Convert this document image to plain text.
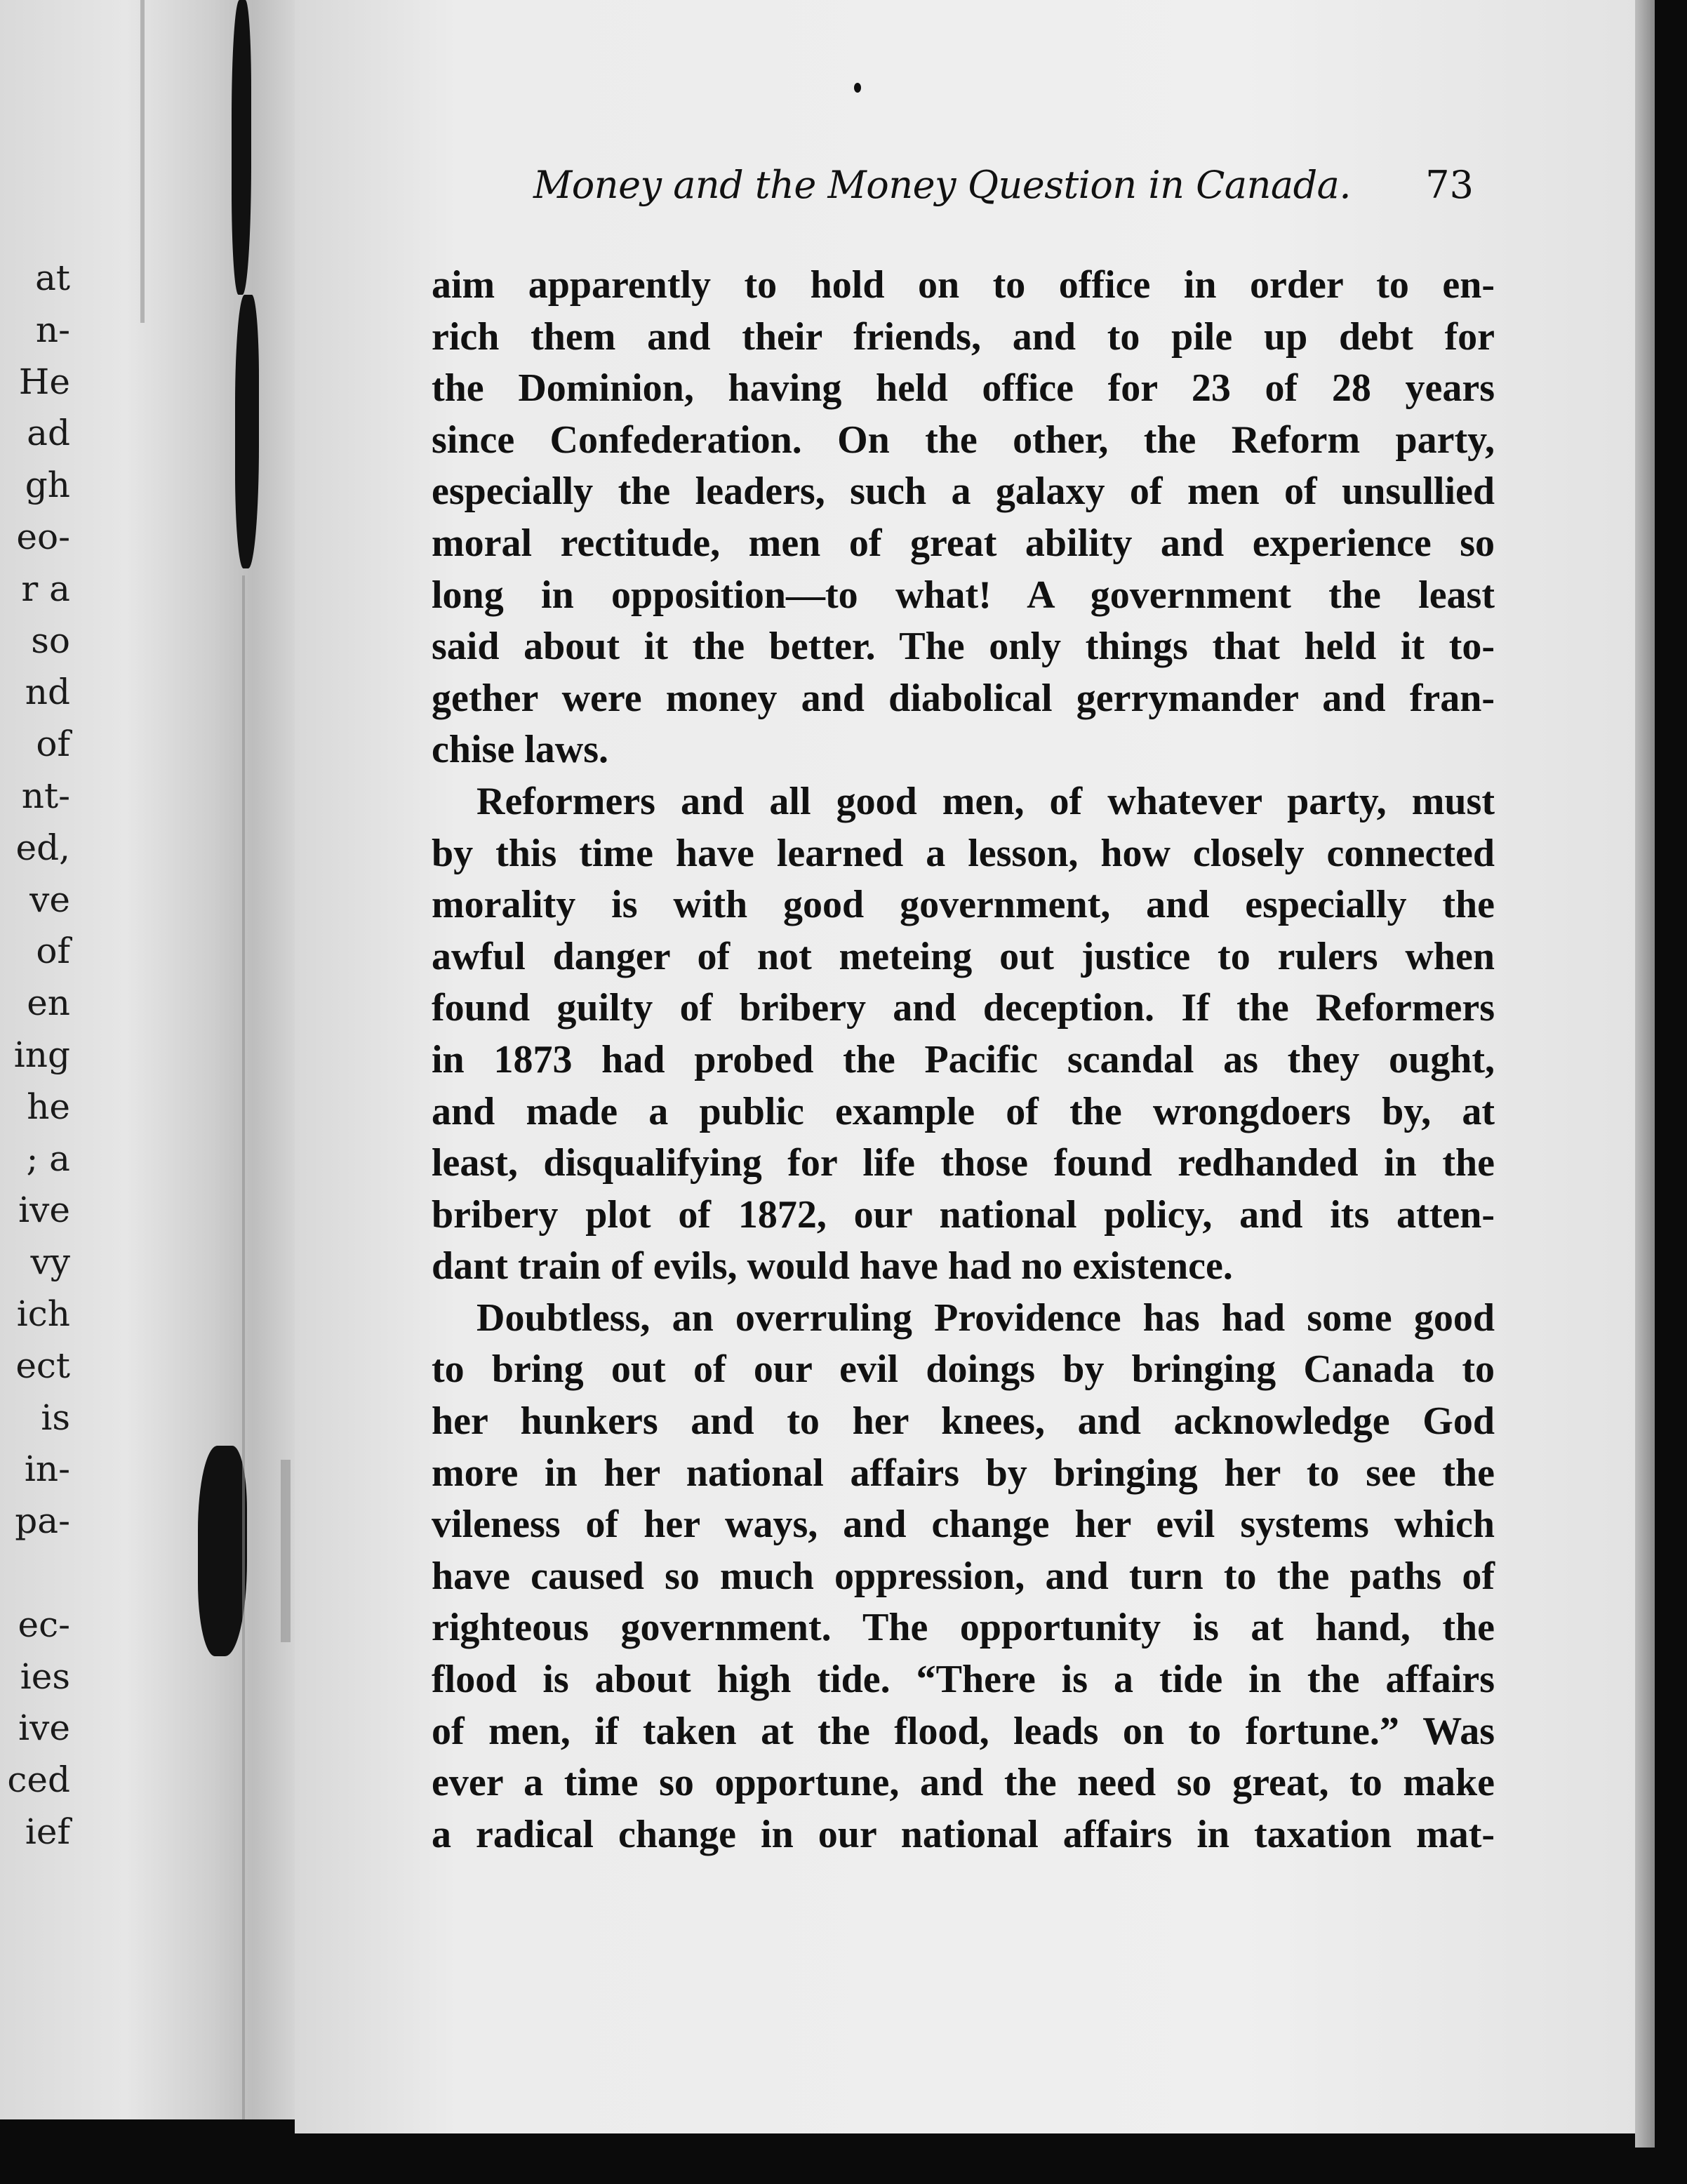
at
n-
He
ad
gh
eo-
r a
so
nd
of
nt-
ed,
ve
of
en
ing
he
; a
ive
vy
ich
ect
is
in-
pa-
ec-
ies
ive
ced
ief
Money and the Money Question in Canada. 73
aim apparently to hold on to office in order to en-
rich them and their friends, and to pile up debt for
the Dominion, having held office for 23 of 28 years
since Confederation. On the other, the Reform party,
especially the leaders, such a galaxy of men of unsullied
moral rectitude, men of great ability and experience so
long in opposition—to what! A government the least
said about it the better. The only things that held it to-
gether were money and diabolical gerrymander and fran-
chise laws.
Reformers and all good men, of whatever party, must
by this time have learned a lesson, how closely connected
morality is with good government, and especially the
awful danger of not meteing out justice to rulers when
found guilty of bribery and deception. If the Reformers
in 1873 had probed the Pacific scandal as they ought,
and made a public example of the wrongdoers by, at
least, disqualifying for life those found redhanded in the
bribery plot of 1872, our national policy, and its atten-
dant train of evils, would have had no existence.
Doubtless, an overruling Providence has had some good
to bring out of our evil doings by bringing Canada to
her hunkers and to her knees, and acknowledge God
more in her national affairs by bringing her to see the
vileness of her ways, and change her evil systems which
have caused so much oppression, and turn to the paths of
righteous government. The opportunity is at hand, the
flood is about high tide. “There is a tide in the affairs
of men, if taken at the flood, leads on to fortune.” Was
ever a time so opportune, and the need so great, to make
a radical change in our national affairs in taxation mat-
